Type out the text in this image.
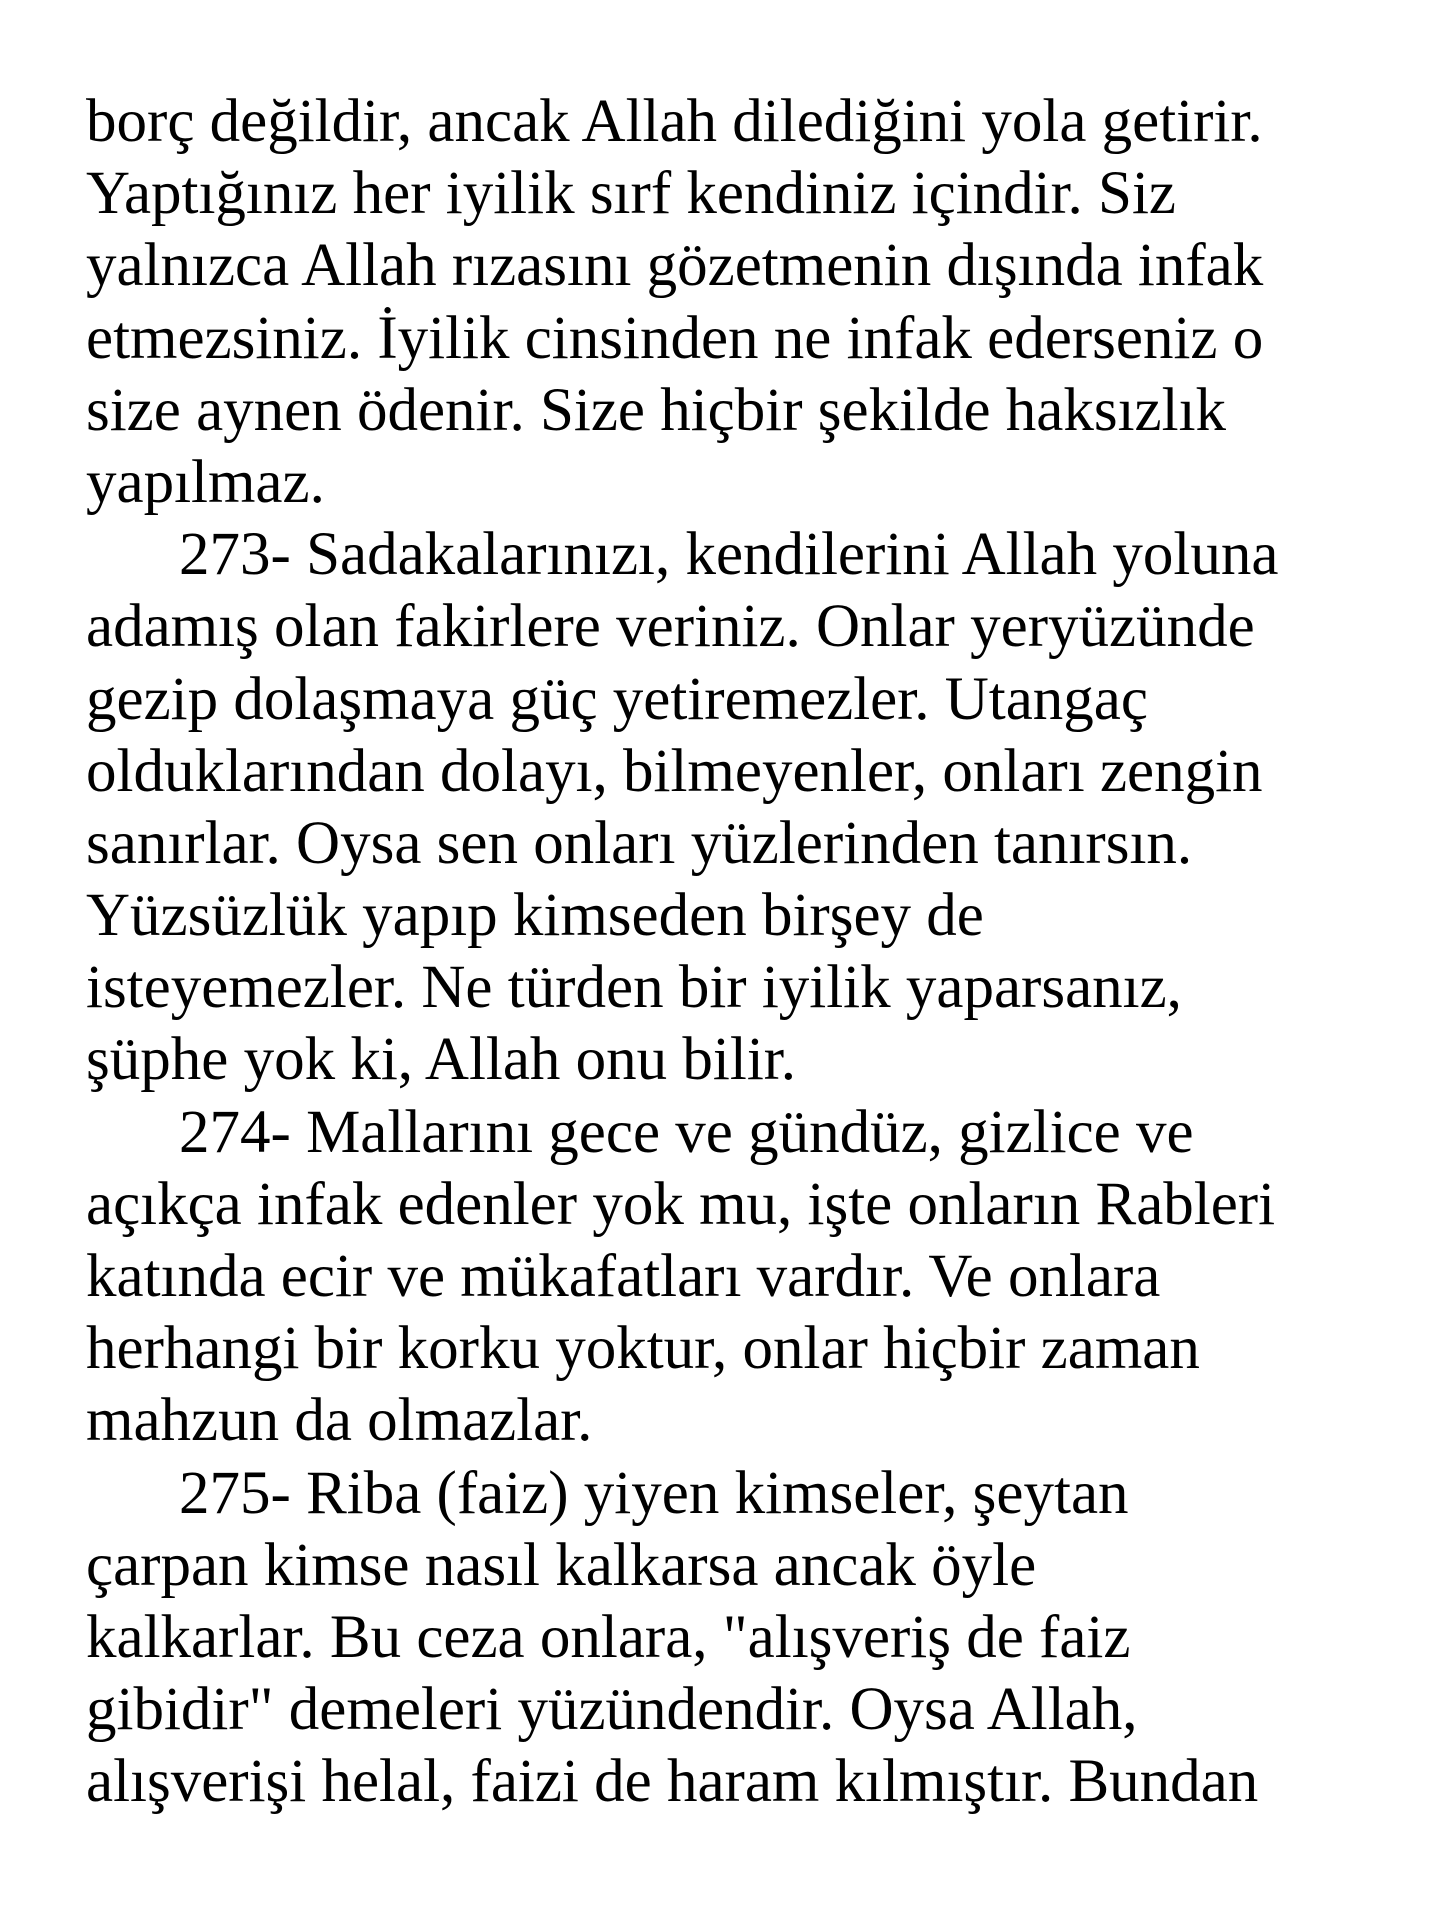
borç değildir, ancak Allah dilediğini yola getirir.
Yaptığınız her iyilik sırf kendiniz içindir. Siz
yalnızca Allah rızasını gözetmenin dışında infak
etmezsiniz. İyilik cinsinden ne infak ederseniz o
size aynen ödenir. Size hiçbir şekilde haksızlık
yapılmaz.
273- Sadakalarınızı, kendilerini Allah yoluna
adamış olan fakirlere veriniz. Onlar yeryüzünde
gezip dolaşmaya güç yetiremezler. Utangaç
olduklarından dolayı, bilmeyenler, onları zengin
sanırlar. Oysa sen onları yüzlerinden tanırsın.
Yüzsüzlük yapıp kimseden birşey de
isteyemezler. Ne türden bir iyilik yaparsanız,
şüphe yok ki, Allah onu bilir.
274- Mallarını gece ve gündüz, gizlice ve
açıkça infak edenler yok mu, işte onların Rableri
katında ecir ve mükafatları vardır. Ve onlara
herhangi bir korku yoktur, onlar hiçbir zaman
mahzun da olmazlar.
275- Riba (faiz) yiyen kimseler, şeytan
çarpan kimse nasıl kalkarsa ancak öyle
kalkarlar. Bu ceza onlara, "alışveriş de faiz
gibidir" demeleri yüzündendir. Oysa Allah,
alışverişi helal, faizi de haram kılmıştır. Bundan
